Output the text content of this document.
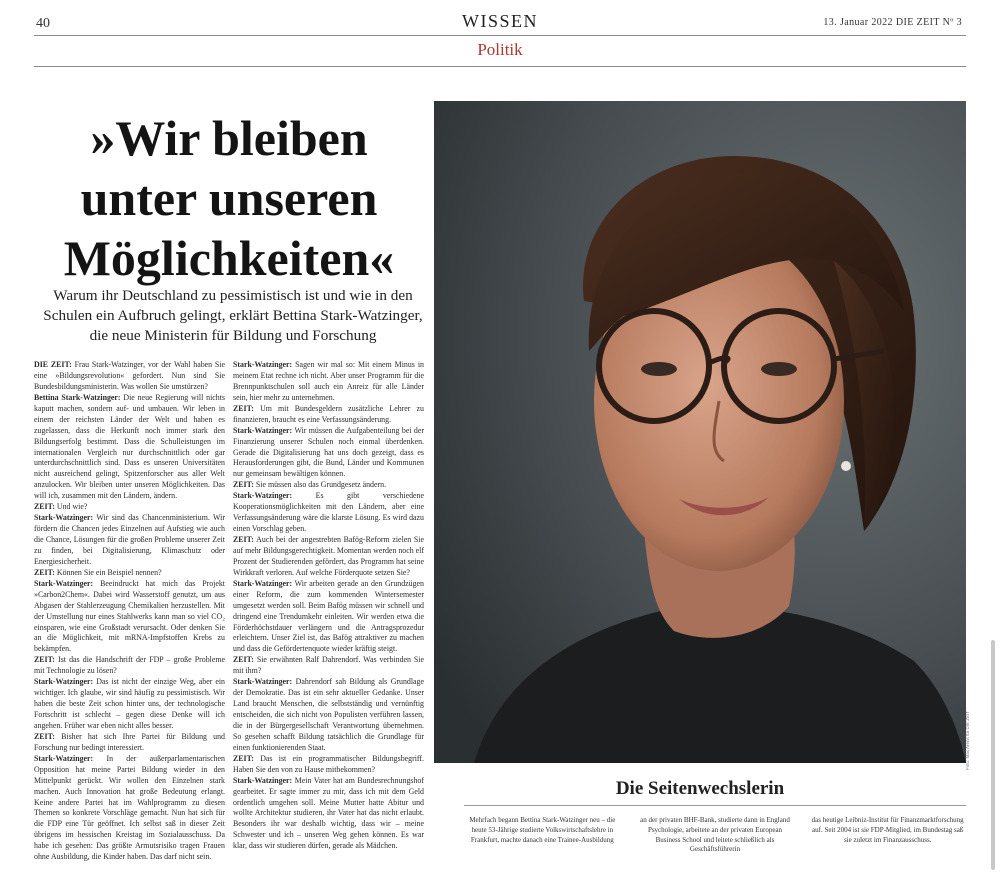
40	WISSEN	13. Januar 2022 DIE ZEIT Nº 3
Politik
»Wir bleiben
unter unseren
Möglichkeiten«

Warum ihr Deutschland zu pessimistisch ist und wie in den Schulen ein Aufbruch gelingt, erklärt Bettina Stark-Watzinger, die neue Ministerin für Bildung und Forschung

DIE ZEIT: Frau Stark-Watzinger, vor der Wahl haben Sie eine »Bildungsrevolution« gefordert. Nun sind Sie Bundesbildungsministerin. Was wollen Sie umstürzen?

Bettina Stark-Watzinger: Die neue Regierung will nichts kaputt machen, sondern auf- und umbauen. Wir leben in einem der reichsten Länder der Welt und haben es zugelassen, dass die Herkunft noch immer stark den Bildungserfolg bestimmt. Dass die Schulleistungen im internationalen Vergleich nur durchschnittlich oder gar unterdurchschnittlich sind. Dass es unseren Universitäten nicht ausreichend gelingt, Spitzenforscher aus aller Welt anzulocken. Wir bleiben unter unseren Möglichkeiten. Das will ich, zusammen mit den Ländern, ändern.

ZEIT: Und wie?

Stark-Watzinger: Wir sind das Chancenministerium. Wir fördern die Chancen jedes Einzelnen auf Aufstieg wie auch die Chance, Lösungen für die großen Probleme unserer Zeit zu finden, bei Digitalisierung, Klimaschutz oder Energiesicherheit.

ZEIT: Können Sie ein Beispiel nennen?

Stark-Watzinger: Beeindruckt hat mich das Projekt »Carbon2Chem«. Dabei wird Wasserstoff genutzt, um aus Abgasen der Stahlerzeugung Chemikalien herzustellen. Mit der Umstellung nur eines Stahlwerks kann man so viel CO₂ einsparen, wie eine Großstadt verursacht. Oder denken Sie an die Möglichkeit, mit mRNA-Impfstoffen Krebs zu bekämpfen.

ZEIT: Ist das die Handschrift der FDP – große Probleme mit Technologie zu lösen?

Stark-Watzinger: Das ist nicht der einzige Weg, aber ein wichtiger. Ich glaube, wir sind häufig zu pessimistisch. Wir haben die beste Zeit schon hinter uns, der technologische Fortschritt ist schlecht – gegen diese Denke will ich angehen. Früher war eben nicht alles besser.

ZEIT: Bisher hat sich Ihre Partei für Bildung und Forschung nur bedingt interessiert.

Stark-Watzinger: In der außerparlamentarischen Opposition hat meine Partei Bildung wieder in den Mittelpunkt gerückt. Wir wollen den Einzelnen stark machen. Auch Innovation hat große Bedeutung erlangt. Keine andere Partei hat im Wahlprogramm zu diesen Themen so konkrete Vorschläge gemacht. Nun hat sich für die FDP eine Tür geöffnet. Ich selbst saß in dieser Zeit übrigens im hessischen Kreistag im Sozialausschuss. Da habe ich gesehen: Das größte Armutsrisiko tragen Frauen ohne Ausbildung, die Kinder haben. Das darf nicht sein.

Stark-Watzinger: Sagen wir mal so: Mit einem Minus in meinem Etat rechne ich nicht. Aber unser Programm für die Brennpunktschulen soll auch ein Anreiz für alle Länder sein, hier mehr zu unternehmen.

ZEIT: Um mit Bundesgeldern zusätzliche Lehrer zu finanzieren, braucht es eine Verfassungsänderung.

Stark-Watzinger: Wir müssen die Aufgabenteilung bei der Finanzierung unserer Schulen noch einmal überdenken. Gerade die Digitalisierung hat uns doch gezeigt, dass es Herausforderungen gibt, die Bund, Länder und Kommunen nur gemeinsam bewältigen können.

ZEIT: Sie müssen also das Grundgesetz ändern.

Stark-Watzinger:	Es gibt verschiedene Kooperationsmöglichkeiten mit den Ländern, aber eine Verfassungsänderung wäre die klarste Lösung. Es wird dazu einen Vorschlag geben.

ZEIT: Auch bei der angestrebten Bafög-Reform zielen Sie auf mehr Bildungsgerechtigkeit. Momentan werden noch elf Prozent der Studierenden gefördert, das Programm hat seine Wirkkraft verloren. Auf welche Förderquote setzen Sie?

Stark-Watzinger: Wir arbeiten gerade an den Grundzügen einer Reform, die zum kommenden Wintersemester umgesetzt werden soll. Beim Bafög müssen wir schnell und dringend eine Trendumkehr einleiten. Wir werden etwa die Förderhöchstdauer verlängern und die Antragsprozedur erleichtern. Unser Ziel ist, das Bafög attraktiver zu machen und dass die Gefördertenquote wieder kräftig steigt.

ZEIT: Sie erwähnten Ralf Dahrendorf. Was verbinden Sie mit ihm?

Stark-Watzinger: Dahrendorf sah Bildung als Grundlage der Demokratie. Das ist ein sehr aktueller Gedanke. Unser Land braucht Menschen, die selbstständig und vernünftig entscheiden, die sich nicht von Populisten verführen lassen, die in der Bürgergesellschaft Verantwortung übernehmen. So gesehen schafft Bildung tatsächlich die Grundlage für einen funktionierenden Staat.

ZEIT: Das ist ein programmatischer Bildungsbegriff. Haben Sie den von zu Hause mitbekommen?

Stark-Watzinger: Mein Vater hat am Bundesrechnungshof gearbeitet. Er sagte immer zu mir, dass ich mit dem Geld ordentlich umgehen soll. Meine Mutter hatte Abitur und wollte Architektur studieren, ihr Vater hat das nicht erlaubt. Besonders ihr war deshalb wichtig, dass wir – meine Schwester und ich – unseren Weg gehen können. Es war klar, dass wir studieren dürfen, gerade als Mädchen.

Foto: Max Arens für DIE ZEIT
Die Seitenwechslerin

Mehrfach begann Bettina Stark-Watzinger neu – die heute 53-Jährige studierte Volkswirtschaftslehre in Frankfurt, machte danach eine Trainee-Ausbildung

an der privaten BHF-Bank, studierte dann in England Psychologie, arbeitete an der privaten European Business School und leitete schließlich als Geschäftsführerin

das heutige Leibniz-Institut für Finanzmarktforschung auf. Seit 2004 ist sie FDP-Mitglied, im Bundestag saß sie zuletzt im Finanzausschuss.
